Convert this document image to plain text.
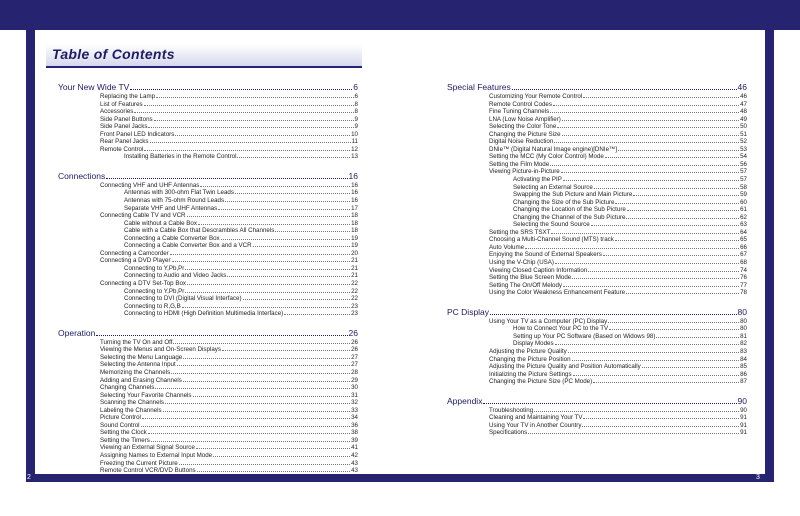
2	3
Table of Contents
Your New Wide TV	6
Replacing the Lamp	6
List of Features	8
Accessories	8
Side Panel Buttons	9
Side Panel Jacks	9
Front Panel LED Indicators	10
Rear Panel Jacks	11
Remote Control	12
Installing Batteries in the Remote Control	13
Connections	16
Connecting VHF and UHF Antennas	16
Antennas with 300-ohm Flat Twin Leads	16
Antennas with 75-ohm Round Leads	16
Separate VHF and UHF Antennas	17
Connecting Cable TV and VCR	18
Cable without a Cable Box	18
Cable with a Cable Box that Descrambles All Channels	18
Connecting a Cable Converter Box	19
Connecting a Cable Converter Box and a VCR	19
Connecting a Camcorder	20
Connecting a DVD Player	21
Connecting to Y,Pb,Pr	21
Connecting to Audio and Video Jacks	21
Connecting a DTV Set-Top Box	22
Connecting to Y,Pb,Pr	22
Connecting to DVI (Digital Visual Interface)	22
Connecting to R,G,B	23
Connecting to HDMI (High Definition Multimedia Interface)	23
Operation	26
Turning the TV On and Off	26
Viewing the Menus and On-Screen Displays	26
Selecting the Menu Language	27
Selecting the Antenna Input	27
Memorizing the Channels	28
Adding and Erasing Channels	29
Changing Channels	30
Selecting Your Favorite Channels	31
Scanning the Channels	32
Labeling the Channels	33
Picture Control	34
Sound Control	36
Setting the Clock	38
Setting the Timers	39
Viewing an External Signal Source	41
Assigning Names to External Input Mode	42
Freezing the Current Picture	43
Remote Control VCR/DVD Buttons	43
Special Features	46
Customizing Your Remote Control	46
Remote Control Codes	47
Fine Tuning Channels	48
LNA (Low Noise Amplifier)	49
Selecting the Color Tone	50
Changing the Picture Size	51
Digital Noise Reduction	52
DNIe™ (Digital Natural Image engine)[DNIe™]	53
Setting the MCC (My Color Control) Mode	54
Setting the Film Mode	56
Viewing Picture-in-Picture	57
Activating the PIP	57
Selecting an External Source	58
Swapping the Sub Picture and Main Picture	59
Changing the Size of the Sub Picture	60
Changing the Location of the Sub Picture	61
Changing the Channel of the Sub Picture	62
Selecting the Sound Source	63
Setting the SRS TSXT	64
Choosing a Multi-Channel Sound (MTS) track	65
Auto Volume	66
Enjoying the Sound of External Speakers	67
Using the V-Chip (USA)	68
Viewing Closed Caption Information	74
Setting the Blue Screen Mode	76
Setting The On/Off Melody	77
Using the Color Weakness Enhancement Feature	78
PC Display	80
Using Your TV as a Computer (PC) Display	80
How to Connect Your PC to the TV	80
Setting up Your PC Software (Based on Widows 98)	81
Display Modes	82
Adjusting the Picture Quality	83
Changing the Picture Position	84
Adjusting the Picture Quality and Position Automatically	85
Initializing the Picture Settings	86
Changing the Picture Size (PC Mode)	87
Appendix	90
Troubleshooting	90
Cleaning and Maintaining Your TV	91
Using Your TV in Another Country	91
Specifications	91
